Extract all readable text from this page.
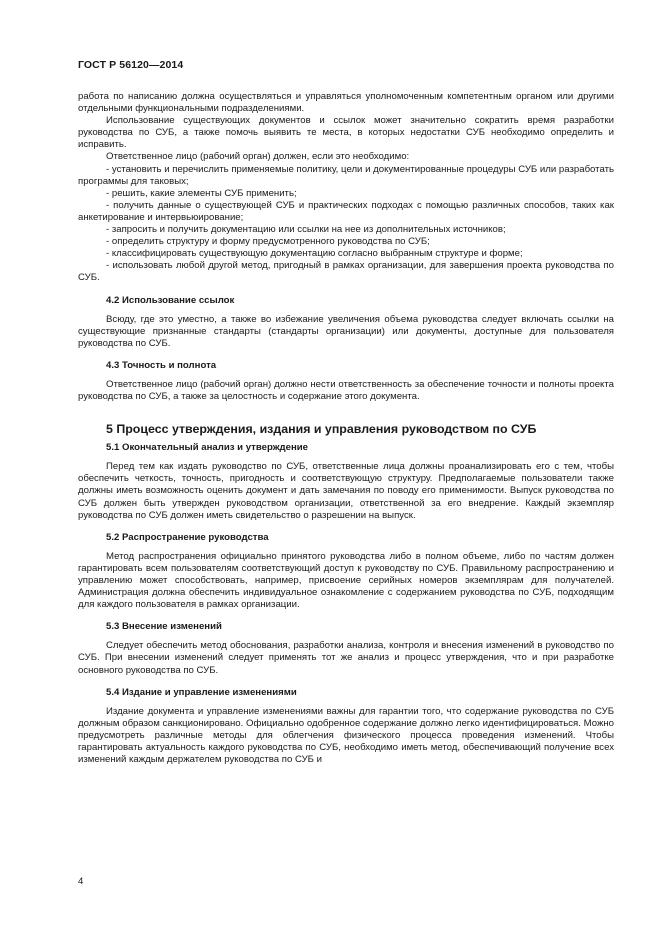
ГОСТ Р 56120—2014

работа по написанию должна осуществляться и управляться уполномоченным компетентным органом или другими отдельными функциональными подразделениями.

Использование существующих документов и ссылок может значительно сократить время разработки руководства по СУБ, а также помочь выявить те места, в которых недостатки СУБ необходимо определить и исправить.

Ответственное лицо (рабочий орган) должен, если это необходимо:

- установить и перечислить применяемые политику, цели и документированные процедуры СУБ или разработать программы для таковых;

- решить, какие элементы СУБ применить;

- получить данные о существующей СУБ и практических подходах с помощью различных способов, таких как анкетирование и интервьюирование;

- запросить и получить документацию или ссылки на нее из дополнительных источников;

- определить структуру и форму предусмотренного руководства по СУБ;

- классифицировать существующую документацию согласно выбранным структуре и форме;

- использовать любой другой метод, пригодный в рамках организации, для завершения проекта руководства по СУБ.

4.2 Использование ссылок

Всюду, где это уместно, а также во избежание увеличения объема руководства следует включать ссылки на существующие признанные стандарты (стандарты организации) или документы, доступные для пользователя руководства по СУБ.

4.3 Точность и полнота

Ответственное лицо (рабочий орган) должно нести ответственность за обеспечение точности и полноты проекта руководства по СУБ, а также за целостность и содержание этого документа.

5 Процесс утверждения, издания и управления руководством по СУБ
5.1 Окончательный анализ и утверждение

Перед тем как издать руководство по СУБ, ответственные лица должны проанализировать его с тем, чтобы обеспечить четкость, точность, пригодность и соответствующую структуру. Предполагаемые пользователи также должны иметь возможность оценить документ и дать замечания по поводу его применимости. Выпуск руководства по СУБ должен быть утвержден руководством организации, ответственной за его внедрение. Каждый экземпляр руководства по СУБ должен иметь свидетельство о разрешении на выпуск.

5.2 Распространение руководства

Метод распространения официально принятого руководства либо в полном объеме, либо по частям должен гарантировать всем пользователям соответствующий доступ к руководству по СУБ. Правильному распространению и управлению может способствовать, например, присвоение серийных номеров экземплярам для получателей. Администрация должна обеспечить индивидуальное ознакомление с содержанием руководства по СУБ, подходящим для каждого пользователя в рамках организации.

5.3 Внесение изменений

Следует обеспечить метод обоснования, разработки анализа, контроля и внесения изменений в руководство по СУБ. При внесении изменений следует применять тот же анализ и процесс утверждения, что и при разработке основного руководства по СУБ.

5.4 Издание и управление изменениями

Издание документа и управление изменениями важны для гарантии того, что содержание руководства по СУБ должным образом санкционировано. Официально одобренное содержание должно легко идентифицироваться. Можно предусмотреть различные методы для облегчения физического процесса проведения изменений. Чтобы гарантировать актуальность каждого руководства по СУБ, необходимо иметь метод, обеспечивающий получение всех изменений каждым держателем руководства по СУБ и

4
